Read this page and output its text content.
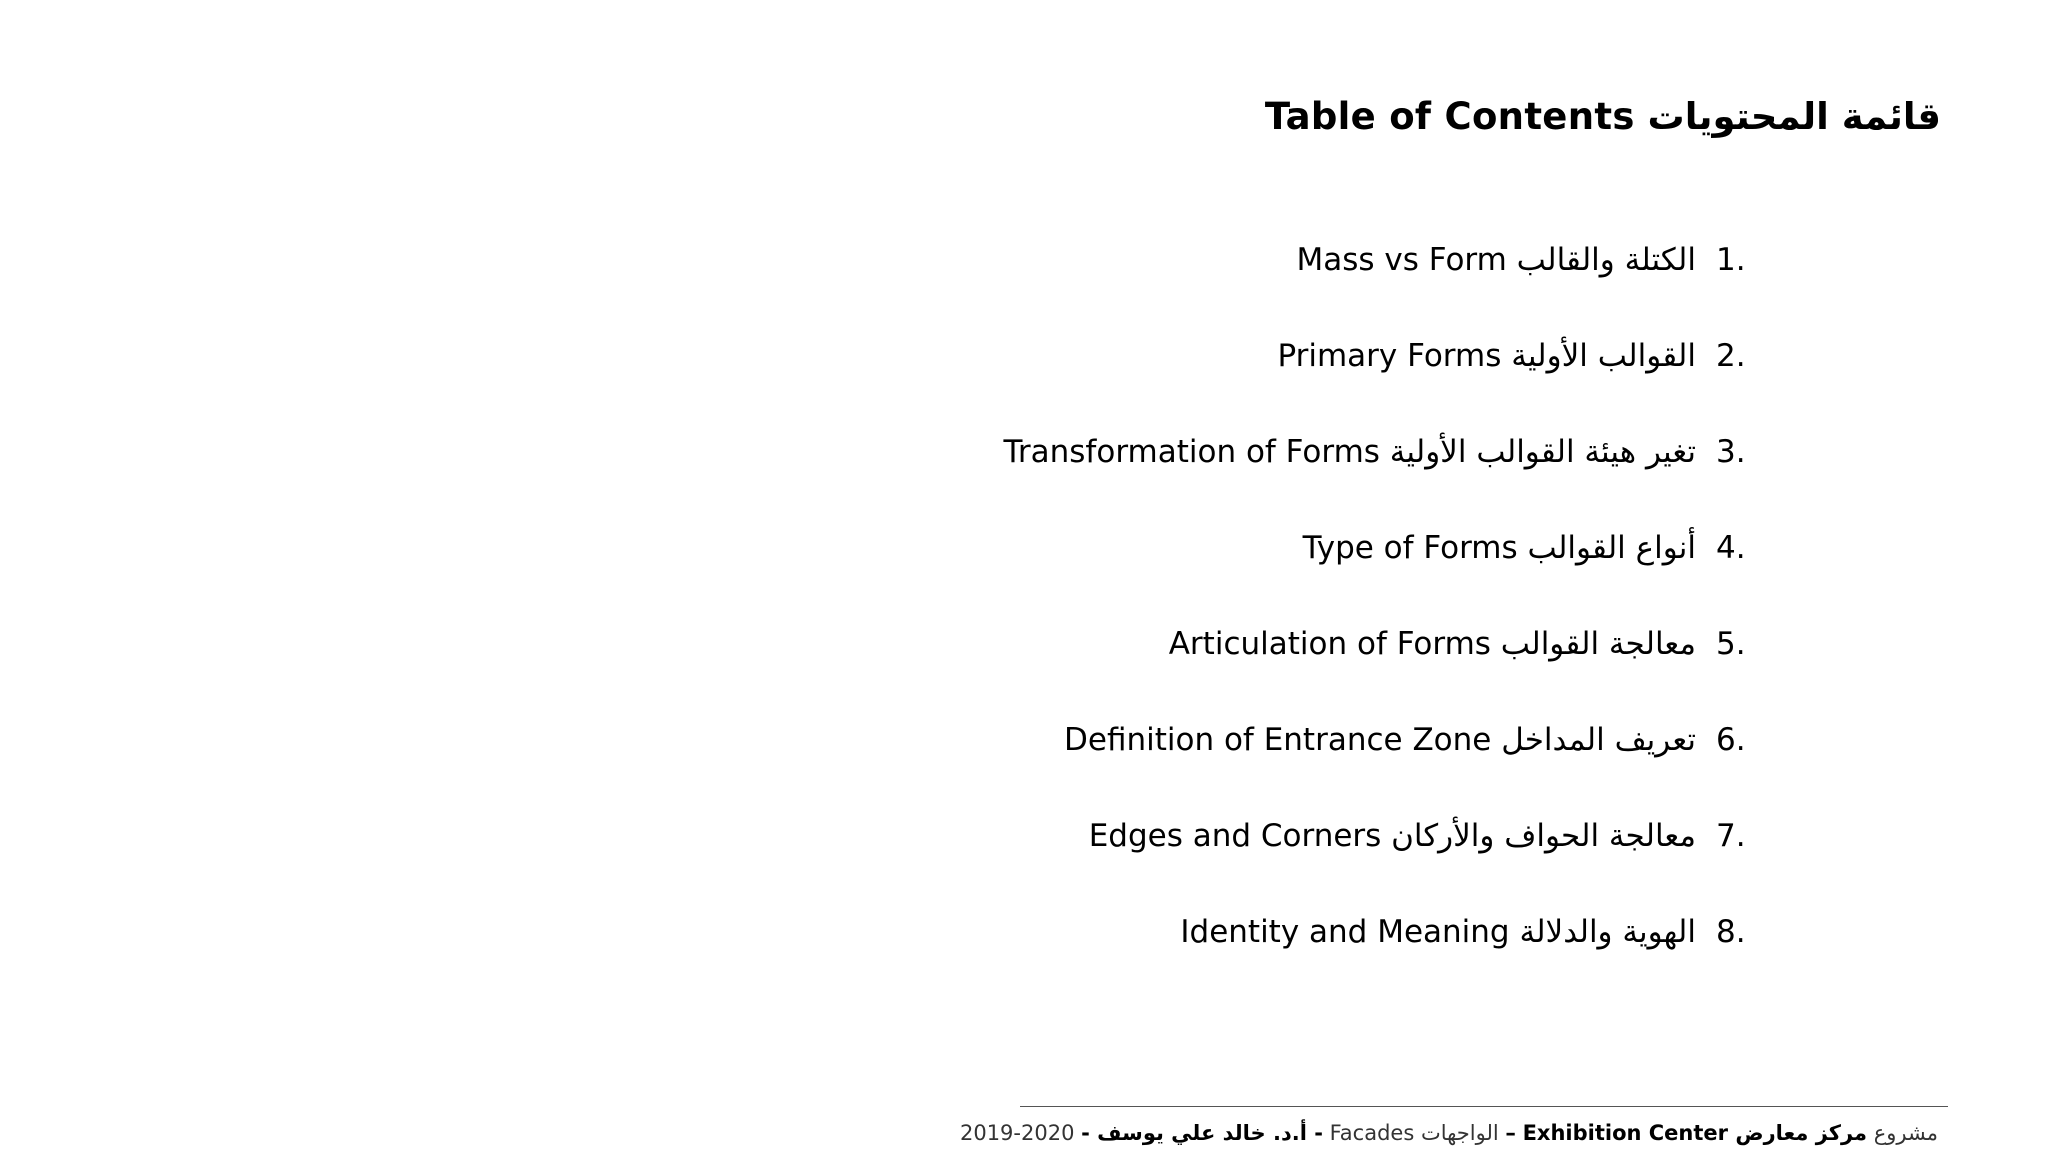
قائمة المحتويات Table of Contents
1.
الكتلة والقالب Mass vs Form
2.
القوالب الأولية Primary Forms
3.
تغير هيئة القوالب الأولية Transformation of Forms
4.
أنواع القوالب Type of Forms
5.
معالجة القوالب Articulation of Forms
6.
تعريف المداخل Definition of Entrance Zone
7.
معالجة الحواف والأركان Edges and Corners
8.
الهوية والدلالة Identity and Meaning
مشروع مركز معارض Exhibition Center – الواجهات Facades - أ.د. خالد علي يوسف - 2019-2020
